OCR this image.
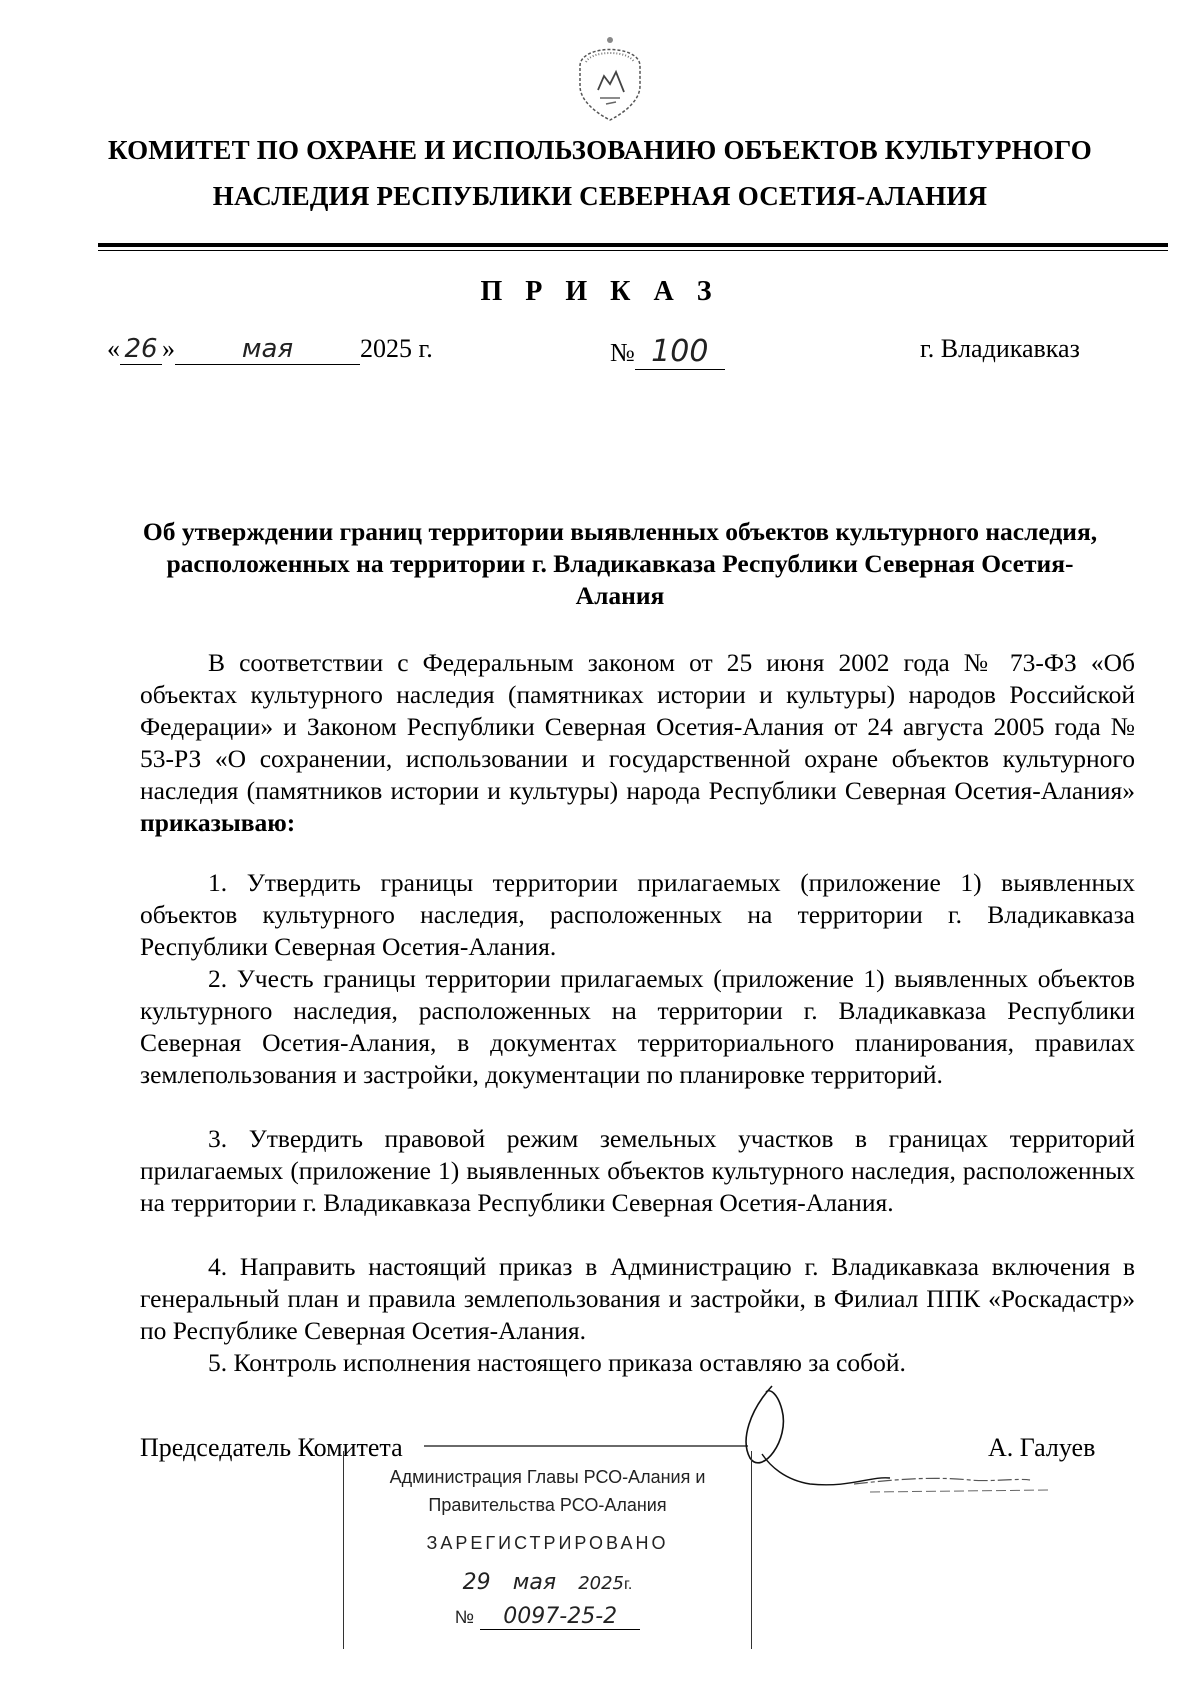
КОМИТЕТ ПО ОХРАНЕ И ИСПОЛЬЗОВАНИЮ ОБЪЕКТОВ КУЛЬТУРНОГО
НАСЛЕДИЯ РЕСПУБЛИКИ СЕВЕРНАЯ ОСЕТИЯ-АЛАНИЯ
П Р И К А З
« 26 »	мая	2025 г.	№ 100	г. Владикавказ
Об утверждении границ территории выявленных объектов культурного наследия, расположенных на территории г. Владикавказа Республики Северная Осетия-Алания
В соответствии с Федеральным законом от 25 июня 2002 года № 73-ФЗ «Об объектах культурного наследия (памятниках истории и культуры) народов Российской Федерации» и Законом Республики Северная Осетия-Алания от 24 августа 2005 года № 53-РЗ «О сохранении, использовании и государственной охране объектов культурного наследия (памятников истории и культуры) народа Республики Северная Осетия-Алания» приказываю:
1. Утвердить границы территории прилагаемых (приложение 1) выявленных объектов культурного наследия, расположенных на территории г. Владикавказа Республики Северная Осетия-Алания.
2. Учесть границы территории прилагаемых (приложение 1) выявленных объектов культурного наследия, расположенных на территории г. Владикавказа Республики Северная Осетия-Алания, в документах территориального планирования, правилах землепользования и застройки, документации по планировке территорий.
3. Утвердить правовой режим земельных участков в границах территорий прилагаемых (приложение 1) выявленных объектов культурного наследия, расположенных на территории г. Владикавказа Республики Северная Осетия-Алания.
4. Направить настоящий приказ в Администрацию г. Владикавказа включения в генеральный план и правила землепользования и застройки, в Филиал ППК «Роскадастр» по Республике Северная Осетия-Алания.
5. Контроль исполнения настоящего приказа оставляю за собой.
Председатель Комитета	А. Галуев
Администрация Главы РСО-Алания и
Правительства РСО-Алания
ЗАРЕГИСТРИРОВАНО
29 мая 2025г.
№ 0097-25-2
